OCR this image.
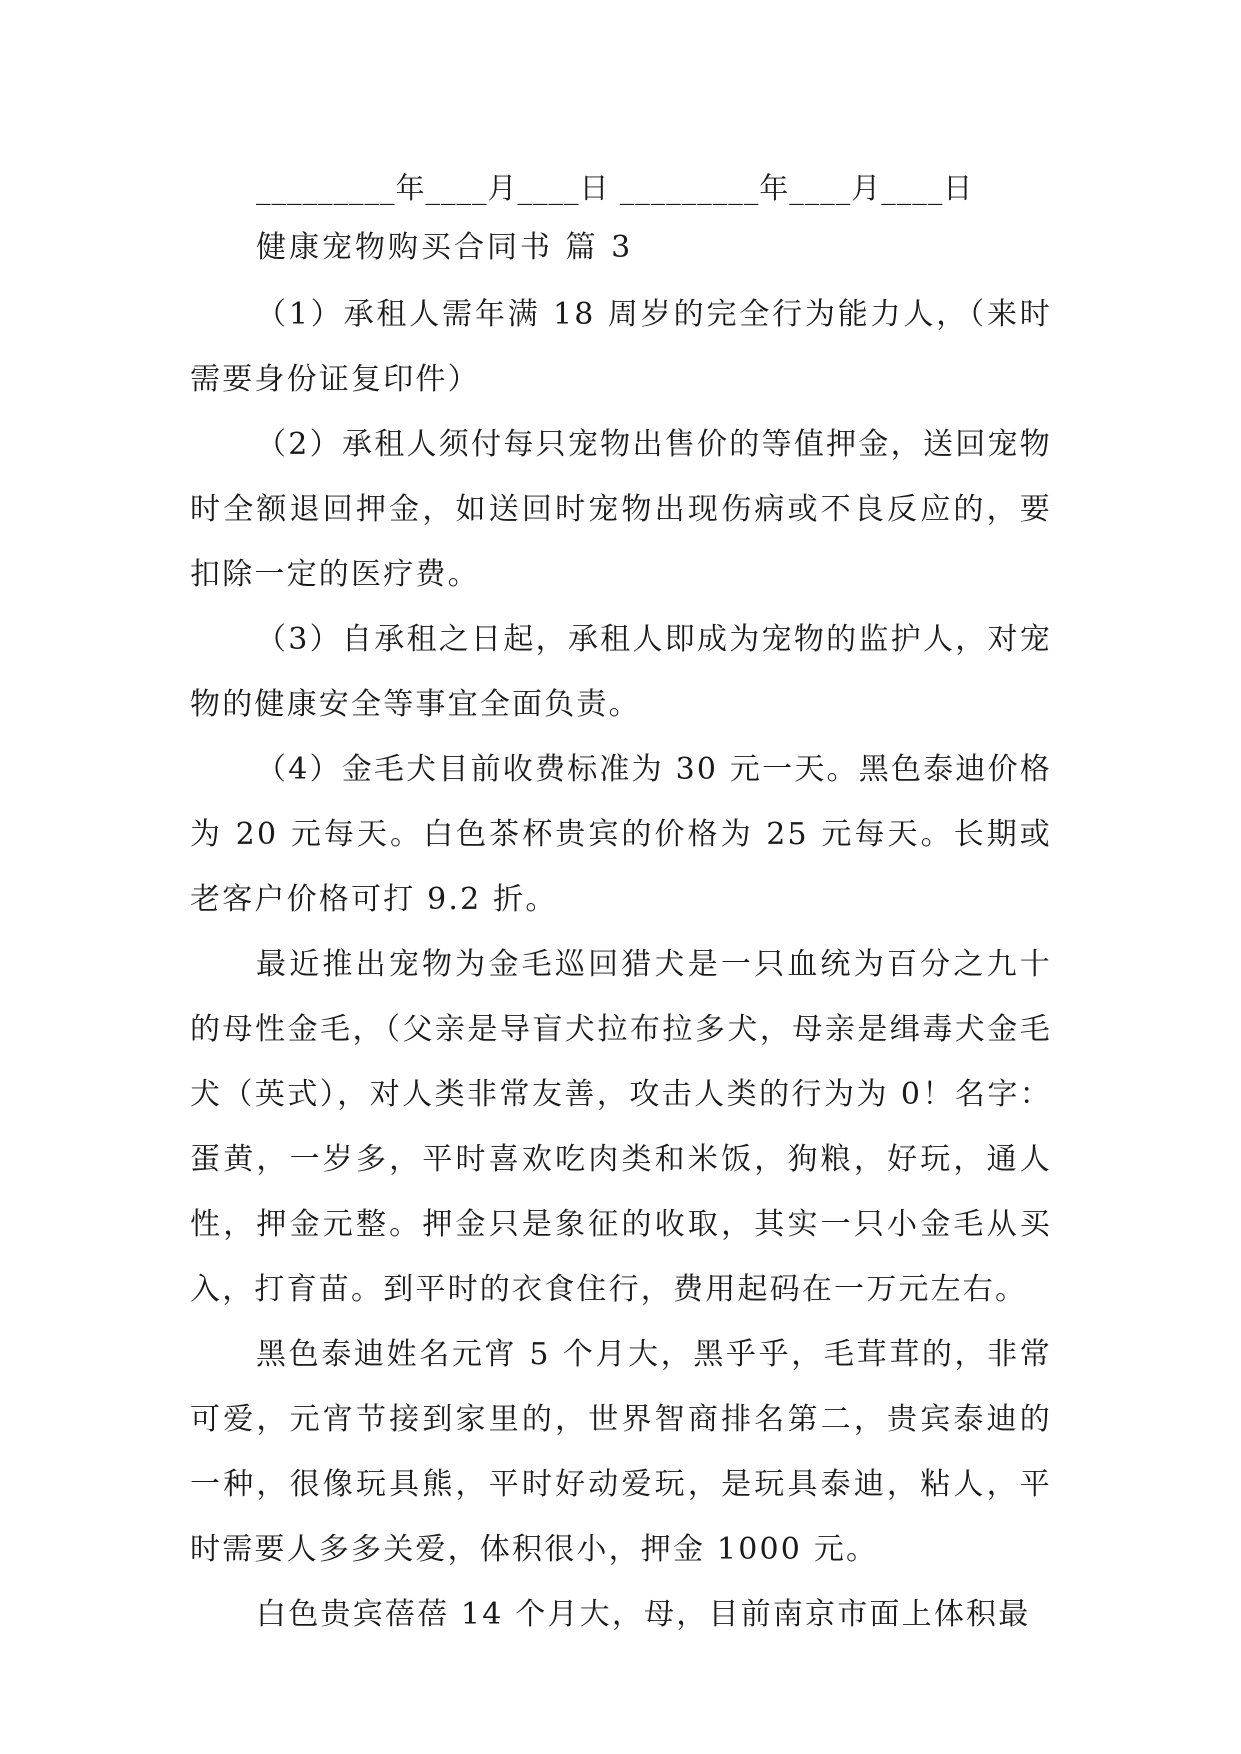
_________年____月____日 _________年____月____日

健康宠物购买合同书 篇 3

（1）承租人需年满 18 周岁的完全行为能力人，（来时需要身份证复印件）

（2）承租人须付每只宠物出售价的等值押金，送回宠物时全额退回押金，如送回时宠物出现伤病或不良反应的，要扣除一定的医疗费。

（3）自承租之日起，承租人即成为宠物的监护人，对宠物的健康安全等事宜全面负责。

（4）金毛犬目前收费标准为 30 元一天。黑色泰迪价格为 20 元每天。白色茶杯贵宾的价格为 25 元每天。长期或老客户价格可打 9.2 折。

最近推出宠物为金毛巡回猎犬是一只血统为百分之九十的母性金毛，（父亲是导盲犬拉布拉多犬，母亲是缉毒犬金毛犬（英式），对人类非常友善，攻击人类的行为为 0！名字：蛋黄，一岁多，平时喜欢吃肉类和米饭，狗粮，好玩，通人性，押金元整。押金只是象征的收取，其实一只小金毛从买入，打育苗。到平时的衣食住行，费用起码在一万元左右。

黑色泰迪姓名元宵 5 个月大，黑乎乎，毛茸茸的，非常可爱，元宵节接到家里的，世界智商排名第二，贵宾泰迪的一种，很像玩具熊，平时好动爱玩，是玩具泰迪，粘人，平时需要人多多关爱，体积很小，押金 1000 元。

白色贵宾蓓蓓 14 个月大，母，目前南京市面上体积最
